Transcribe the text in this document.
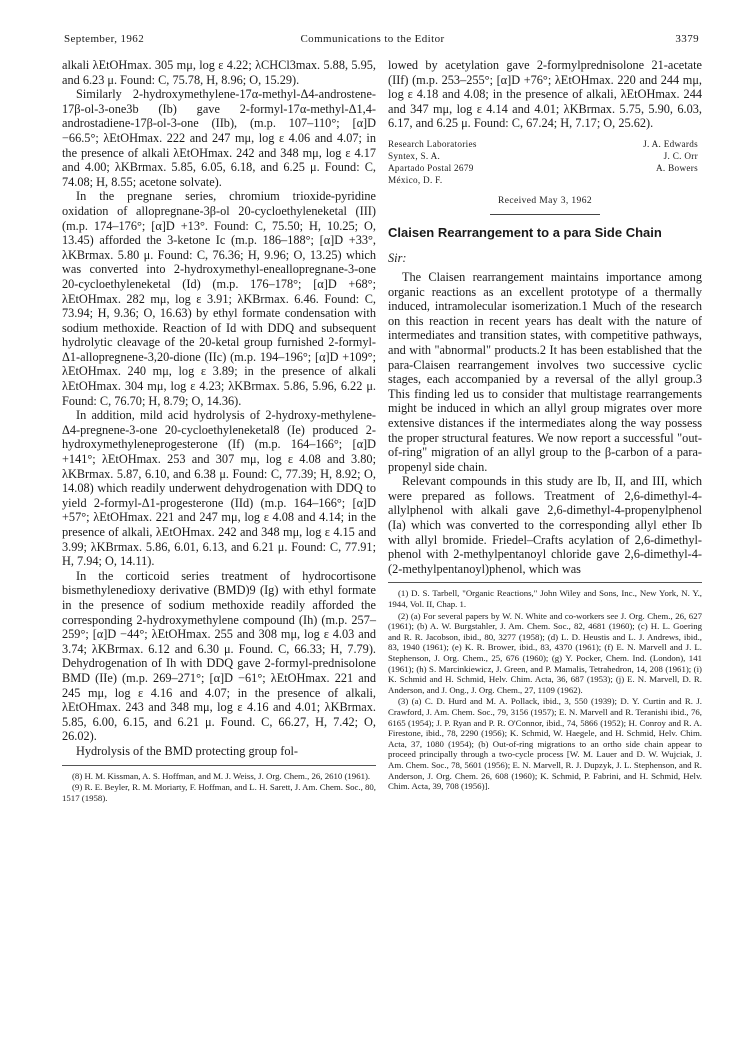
September, 1962	Communications to the Editor	3379

alkali λEtOHmax. 305 mμ, log ε 4.22; λCHCl3max. 5.88, 5.95, and 6.23 μ. Found: C, 75.78, H, 8.96; O, 15.29).

Similarly 2-hydroxymethylene-17α-methyl-Δ4-androstene-17β-ol-3-one3b (Ib) gave 2-formyl-17α-methyl-Δ1,4-androstadiene-17β-ol-3-one (IIb), (m.p. 107–110°; [α]D −66.5°; λEtOHmax. 222 and 247 mμ, log ε 4.06 and 4.07; in the presence of alkali λEtOHmax. 242 and 348 mμ, log ε 4.17 and 4.00; λKBrmax. 5.85, 6.05, 6.18, and 6.25 μ. Found: C, 74.08; H, 8.55; acetone solvate).

In the pregnane series, chromium trioxide-pyridine oxidation of allopregnane-3β-ol 20-cycloethyleneketal (III) (m.p. 174–176°; [α]D +13°. Found: C, 75.50; H, 10.25; O, 13.45) afforded the 3-ketone Ic (m.p. 186–188°; [α]D +33°, λKBrmax. 5.80 μ. Found: C, 76.36; H, 9.96; O, 13.25) which was converted into 2-hydroxymethyl-eneallopregnane-3-one 20-cycloethyleneketal (Id) (m.p. 176–178°; [α]D +68°; λEtOHmax. 282 mμ, log ε 3.91; λKBrmax. 6.46. Found: C, 73.94; H, 9.36; O, 16.63) by ethyl formate condensation with sodium methoxide. Reaction of Id with DDQ and subsequent hydrolytic cleavage of the 20-ketal group furnished 2-formyl-Δ1-allopregnene-3,20-dione (IIc) (m.p. 194–196°; [α]D +109°; λEtOHmax. 240 mμ, log ε 3.89; in the presence of alkali λEtOHmax. 304 mμ, log ε 4.23; λKBrmax. 5.86, 5.96, 6.22 μ. Found: C, 76.70; H, 8.79; O, 14.36).

In addition, mild acid hydrolysis of 2-hydroxy-methylene-Δ4-pregnene-3-one 20-cycloethyleneketal8 (Ie) produced 2-hydroxymethyleneprogesterone (If) (m.p. 164–166°; [α]D +141°; λEtOHmax. 253 and 307 mμ, log ε 4.08 and 3.80; λKBrmax. 5.87, 6.10, and 6.38 μ. Found: C, 77.39; H, 8.92; O, 14.08) which readily underwent dehydrogenation with DDQ to yield 2-formyl-Δ1-progesterone (IId) (m.p. 164–166°; [α]D +57°; λEtOHmax. 221 and 247 mμ, log ε 4.08 and 4.14; in the presence of alkali, λEtOHmax. 242 and 348 mμ, log ε 4.15 and 3.99; λKBrmax. 5.86, 6.01, 6.13, and 6.21 μ. Found: C, 77.91; H, 7.94; O, 14.11).

In the corticoid series treatment of hydrocortisone bismethylenedioxy derivative (BMD)9 (Ig) with ethyl formate in the presence of sodium methoxide readily afforded the corresponding 2-hydroxymethylene compound (Ih) (m.p. 257–259°; [α]D −44°; λEtOHmax. 255 and 308 mμ, log ε 4.03 and 3.74; λKBrmax. 6.12 and 6.30 μ. Found. C, 66.33; H, 7.79). Dehydrogenation of Ih with DDQ gave 2-formyl-prednisolone BMD (IIe) (m.p. 269–271°; [α]D −61°; λEtOHmax. 221 and 245 mμ, log ε 4.16 and 4.07; in the presence of alkali, λEtOHmax. 243 and 348 mμ, log ε 4.16 and 4.01; λKBrmax. 5.85, 6.00, 6.15, and 6.21 μ. Found. C, 66.27, H, 7.42; O, 26.02).

Hydrolysis of the BMD protecting group fol-

(8) H. M. Kissman, A. S. Hoffman, and M. J. Weiss, J. Org. Chem., 26, 2610 (1961).

(9) R. E. Beyler, R. M. Moriarty, F. Hoffman, and L. H. Sarett, J. Am. Chem. Soc., 80, 1517 (1958).

lowed by acetylation gave 2-formylprednisolone 21-acetate (IIf) (m.p. 253–255°; [α]D +76°; λEtOHmax. 220 and 244 mμ, log ε 4.18 and 4.08; in the presence of alkali, λEtOHmax. 244 and 347 mμ, log ε 4.14 and 4.01; λKBrmax. 5.75, 5.90, 6.03, 6.17, and 6.25 μ. Found: C, 67.24; H, 7.17; O, 25.62).

Research Laboratories	J. A. Edwards
Syntex, S. A.	J. C. Orr
Apartado Postal 2679	A. Bowers
México, D. F.
Received May 3, 1962
Claisen Rearrangement to a para Side Chain
Sir:

The Claisen rearrangement maintains importance among organic reactions as an excellent prototype of a thermally induced, intramolecular isomerization.1 Much of the research on this reaction in recent years has dealt with the nature of intermediates and transition states, with competitive pathways, and with "abnormal" products.2 It has been established that the para-Claisen rearrangement involves two successive cyclic stages, each accompanied by a reversal of the allyl group.3 This finding led us to consider that multistage rearrangements might be induced in which an allyl group migrates over more extensive distances if the intermediates along the way possess the proper structural features. We now report a successful "out-of-ring" migration of an allyl group to the β-carbon of a para-propenyl side chain.

Relevant compounds in this study are Ib, II, and III, which were prepared as follows. Treatment of 2,6-dimethyl-4-allylphenol with alkali gave 2,6-dimethyl-4-propenylphenol (Ia) which was converted to the corresponding allyl ether Ib with allyl bromide. Friedel–Crafts acylation of 2,6-dimethyl-phenol with 2-methylpentanoyl chloride gave 2,6-dimethyl-4-(2-methylpentanoyl)phenol, which was

(1) D. S. Tarbell, "Organic Reactions," John Wiley and Sons, Inc., New York, N. Y., 1944, Vol. II, Chap. 1.

(2) (a) For several papers by W. N. White and co-workers see J. Org. Chem., 26, 627 (1961); (b) A. W. Burgstahler, J. Am. Chem. Soc., 82, 4681 (1960); (c) H. L. Goering and R. R. Jacobson, ibid., 80, 3277 (1958); (d) L. D. Heustis and L. J. Andrews, ibid., 83, 1940 (1961); (e) K. R. Brower, ibid., 83, 4370 (1961); (f) E. N. Marvell and J. L. Stephenson, J. Org. Chem., 25, 676 (1960); (g) Y. Pocker, Chem. Ind. (London), 141 (1961); (h) S. Marcinkiewicz, J. Green, and P. Mamalis, Tetrahedron, 14, 208 (1961); (i) K. Schmid and H. Schmid, Helv. Chim. Acta, 36, 687 (1953); (j) E. N. Marvell, D. R. Anderson, and J. Ong., J. Org. Chem., 27, 1109 (1962).

(3) (a) C. D. Hurd and M. A. Pollack, ibid., 3, 550 (1939); D. Y. Curtin and R. J. Crawford, J. Am. Chem. Soc., 79, 3156 (1957); E. N. Marvell and R. Teranishi ibid., 76, 6165 (1954); J. P. Ryan and P. R. O'Connor, ibid., 74, 5866 (1952); H. Conroy and R. A. Firestone, ibid., 78, 2290 (1956); K. Schmid, W. Haegele, and H. Schmid, Helv. Chim. Acta, 37, 1080 (1954); (b) Out-of-ring migrations to an ortho side chain appear to proceed principally through a two-cycle process [W. M. Lauer and D. W. Wujciak, J. Am. Chem. Soc., 78, 5601 (1956); E. N. Marvell, R. J. Dupzyk, J. L. Stephenson, and R. Anderson, J. Org. Chem. 26, 608 (1960); K. Schmid, P. Fabrini, and H. Schmid, Helv. Chim. Acta, 39, 708 (1956)].
